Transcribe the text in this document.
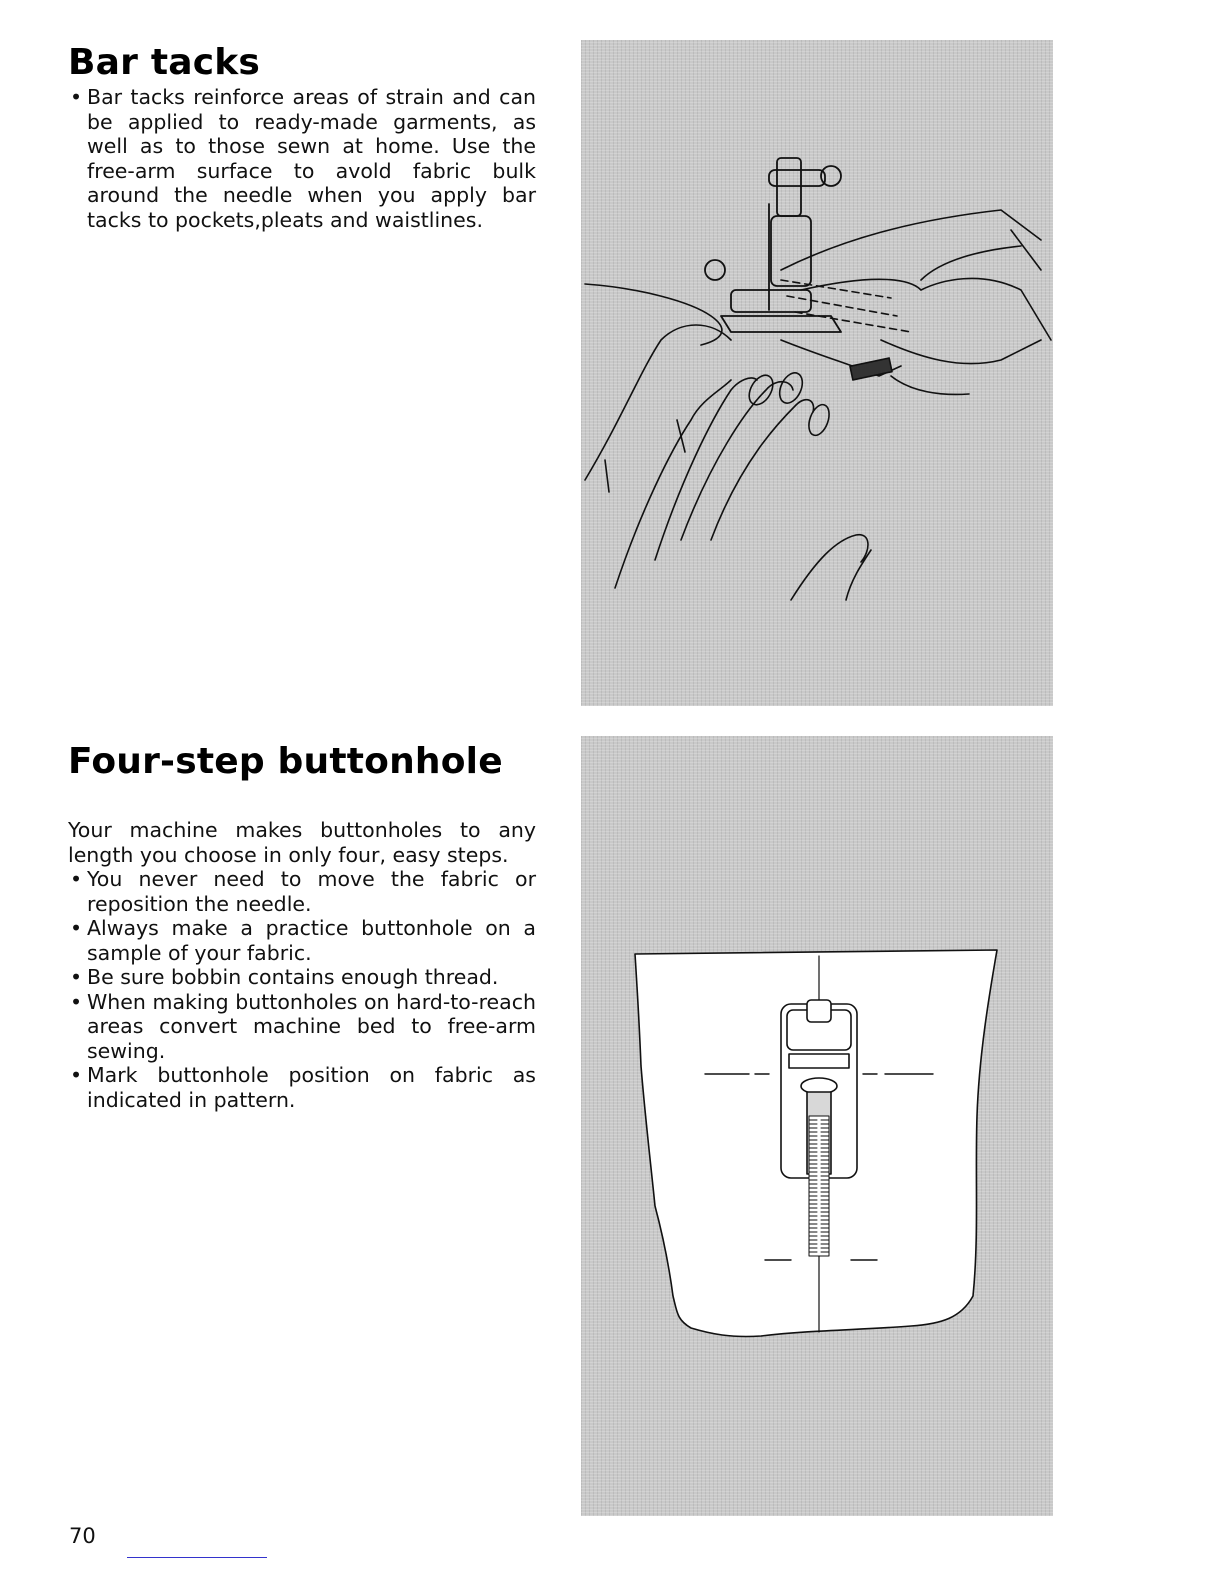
Bar tacks
• Bar tacks reinforce areas of strain and can be applied to ready-made garments, as well as to those sewn at home. Use the free-arm surface to avold fabric bulk around the needle when you apply bar tacks to pockets,pleats and waistlines.
Four-step buttonhole

Your machine makes buttonholes to any length you choose in only four, easy steps.

• You never need to move the fabric or reposition the needle.
• Always make a practice buttonhole on a sample of your fabric.
• Be sure bobbin contains enough thread.
• When making buttonholes on hard-to-reach areas convert machine bed to free-arm sewing.
• Mark buttonhole position on fabric as indicated in pattern.
70
